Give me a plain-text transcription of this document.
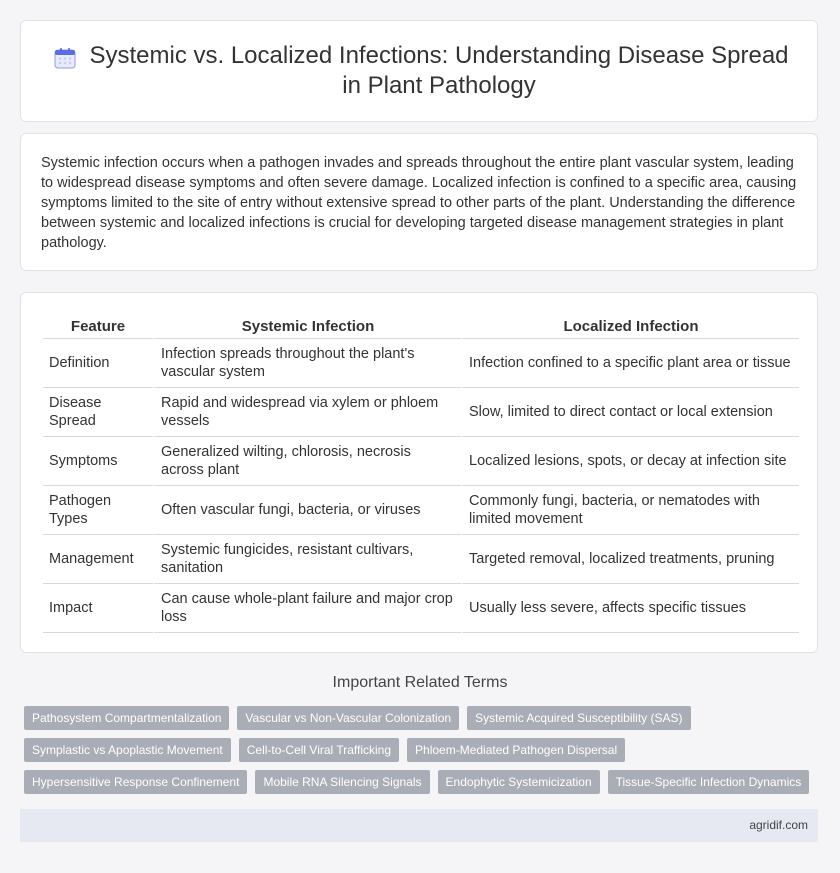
Systemic vs. Localized Infections: Understanding Disease Spread in Plant Pathology

Systemic infection occurs when a pathogen invades and spreads throughout the entire plant vascular system, leading to widespread disease symptoms and often severe damage. Localized infection is confined to a specific area, causing symptoms limited to the site of entry without extensive spread to other parts of the plant. Understanding the difference between systemic and localized infections is crucial for developing targeted disease management strategies in plant pathology.

Feature	Systemic Infection	Localized Infection
Definition	Infection spreads throughout the plant's vascular system	Infection confined to a specific plant area or tissue
Disease Spread	Rapid and widespread via xylem or phloem vessels	Slow, limited to direct contact or local extension
Symptoms	Generalized wilting, chlorosis, necrosis across plant	Localized lesions, spots, or decay at infection site
Pathogen Types	Often vascular fungi, bacteria, or viruses	Commonly fungi, bacteria, or nematodes with limited movement
Management	Systemic fungicides, resistant cultivars, sanitation	Targeted removal, localized treatments, pruning
Impact	Can cause whole-plant failure and major crop loss	Usually less severe, affects specific tissues
Important Related Terms
Pathosystem Compartmentalization	Vascular vs Non-Vascular Colonization	Systemic Acquired Susceptibility (SAS)
Symplastic vs Apoplastic Movement	Cell-to-Cell Viral Trafficking	Phloem-Mediated Pathogen Dispersal
Hypersensitive Response Confinement	Mobile RNA Silencing Signals	Endophytic Systemicization	Tissue-Specific Infection Dynamics
agridif.com
